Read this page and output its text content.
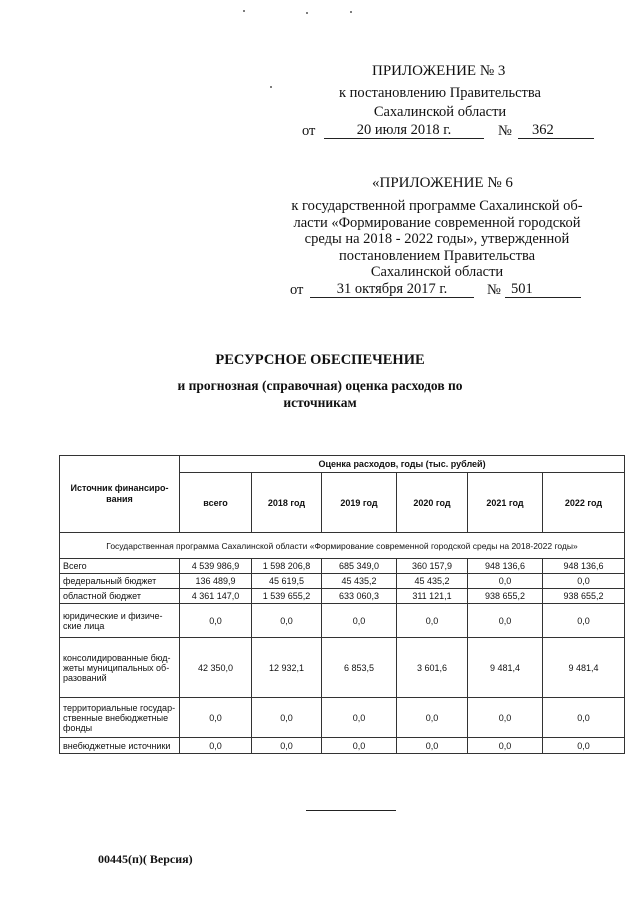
ПРИЛОЖЕНИЕ № 3
к постановлению Правительства
Сахалинской области
от	20 июля 2018 г.	№	362
«ПРИЛОЖЕНИЕ № 6
к государственной программе Сахалинской об-
ласти «Формирование современной городской
среды на 2018 - 2022 годы», утвержденной
постановлением Правительства
Сахалинской области
от	31 октября 2017 г.	№ 501
РЕСУРСНОЕ ОБЕСПЕЧЕНИЕ
и прогнозная (справочная) оценка расходов по
источникам
Источник финансиро-вания	Оценка расходов, годы (тыс. рублей)					
	всего	2018 год	2019 год	2020 год	2021 год	2022 год
Государственная программа Сахалинской области «Формирование современной городской среды на 2018-2022 годы»						
Всего	4 539 986,9	1 598 206,8	685 349,0	360 157,9	948 136,6	948 136,6
федеральный бюджет	136 489,9	45 619,5	45 435,2	45 435,2	0,0	0,0
областной бюджет	4 361 147,0	1 539 655,2	633 060,3	311 121,1	938 655,2	938 655,2
юридические и физиче-ские лица	0,0	0,0	0,0	0,0	0,0	0,0
консолидированные бюд-жеты муниципальных об-разований	42 350,0	12 932,1	6 853,5	3 601,6	9 481,4	9 481,4
территориальные государ-ственные внебюджетные фонды	0,0	0,0	0,0	0,0	0,0	0,0
внебюджетные источники	0,0	0,0	0,0	0,0	0,0	0,0
00445(п)( Версия)
